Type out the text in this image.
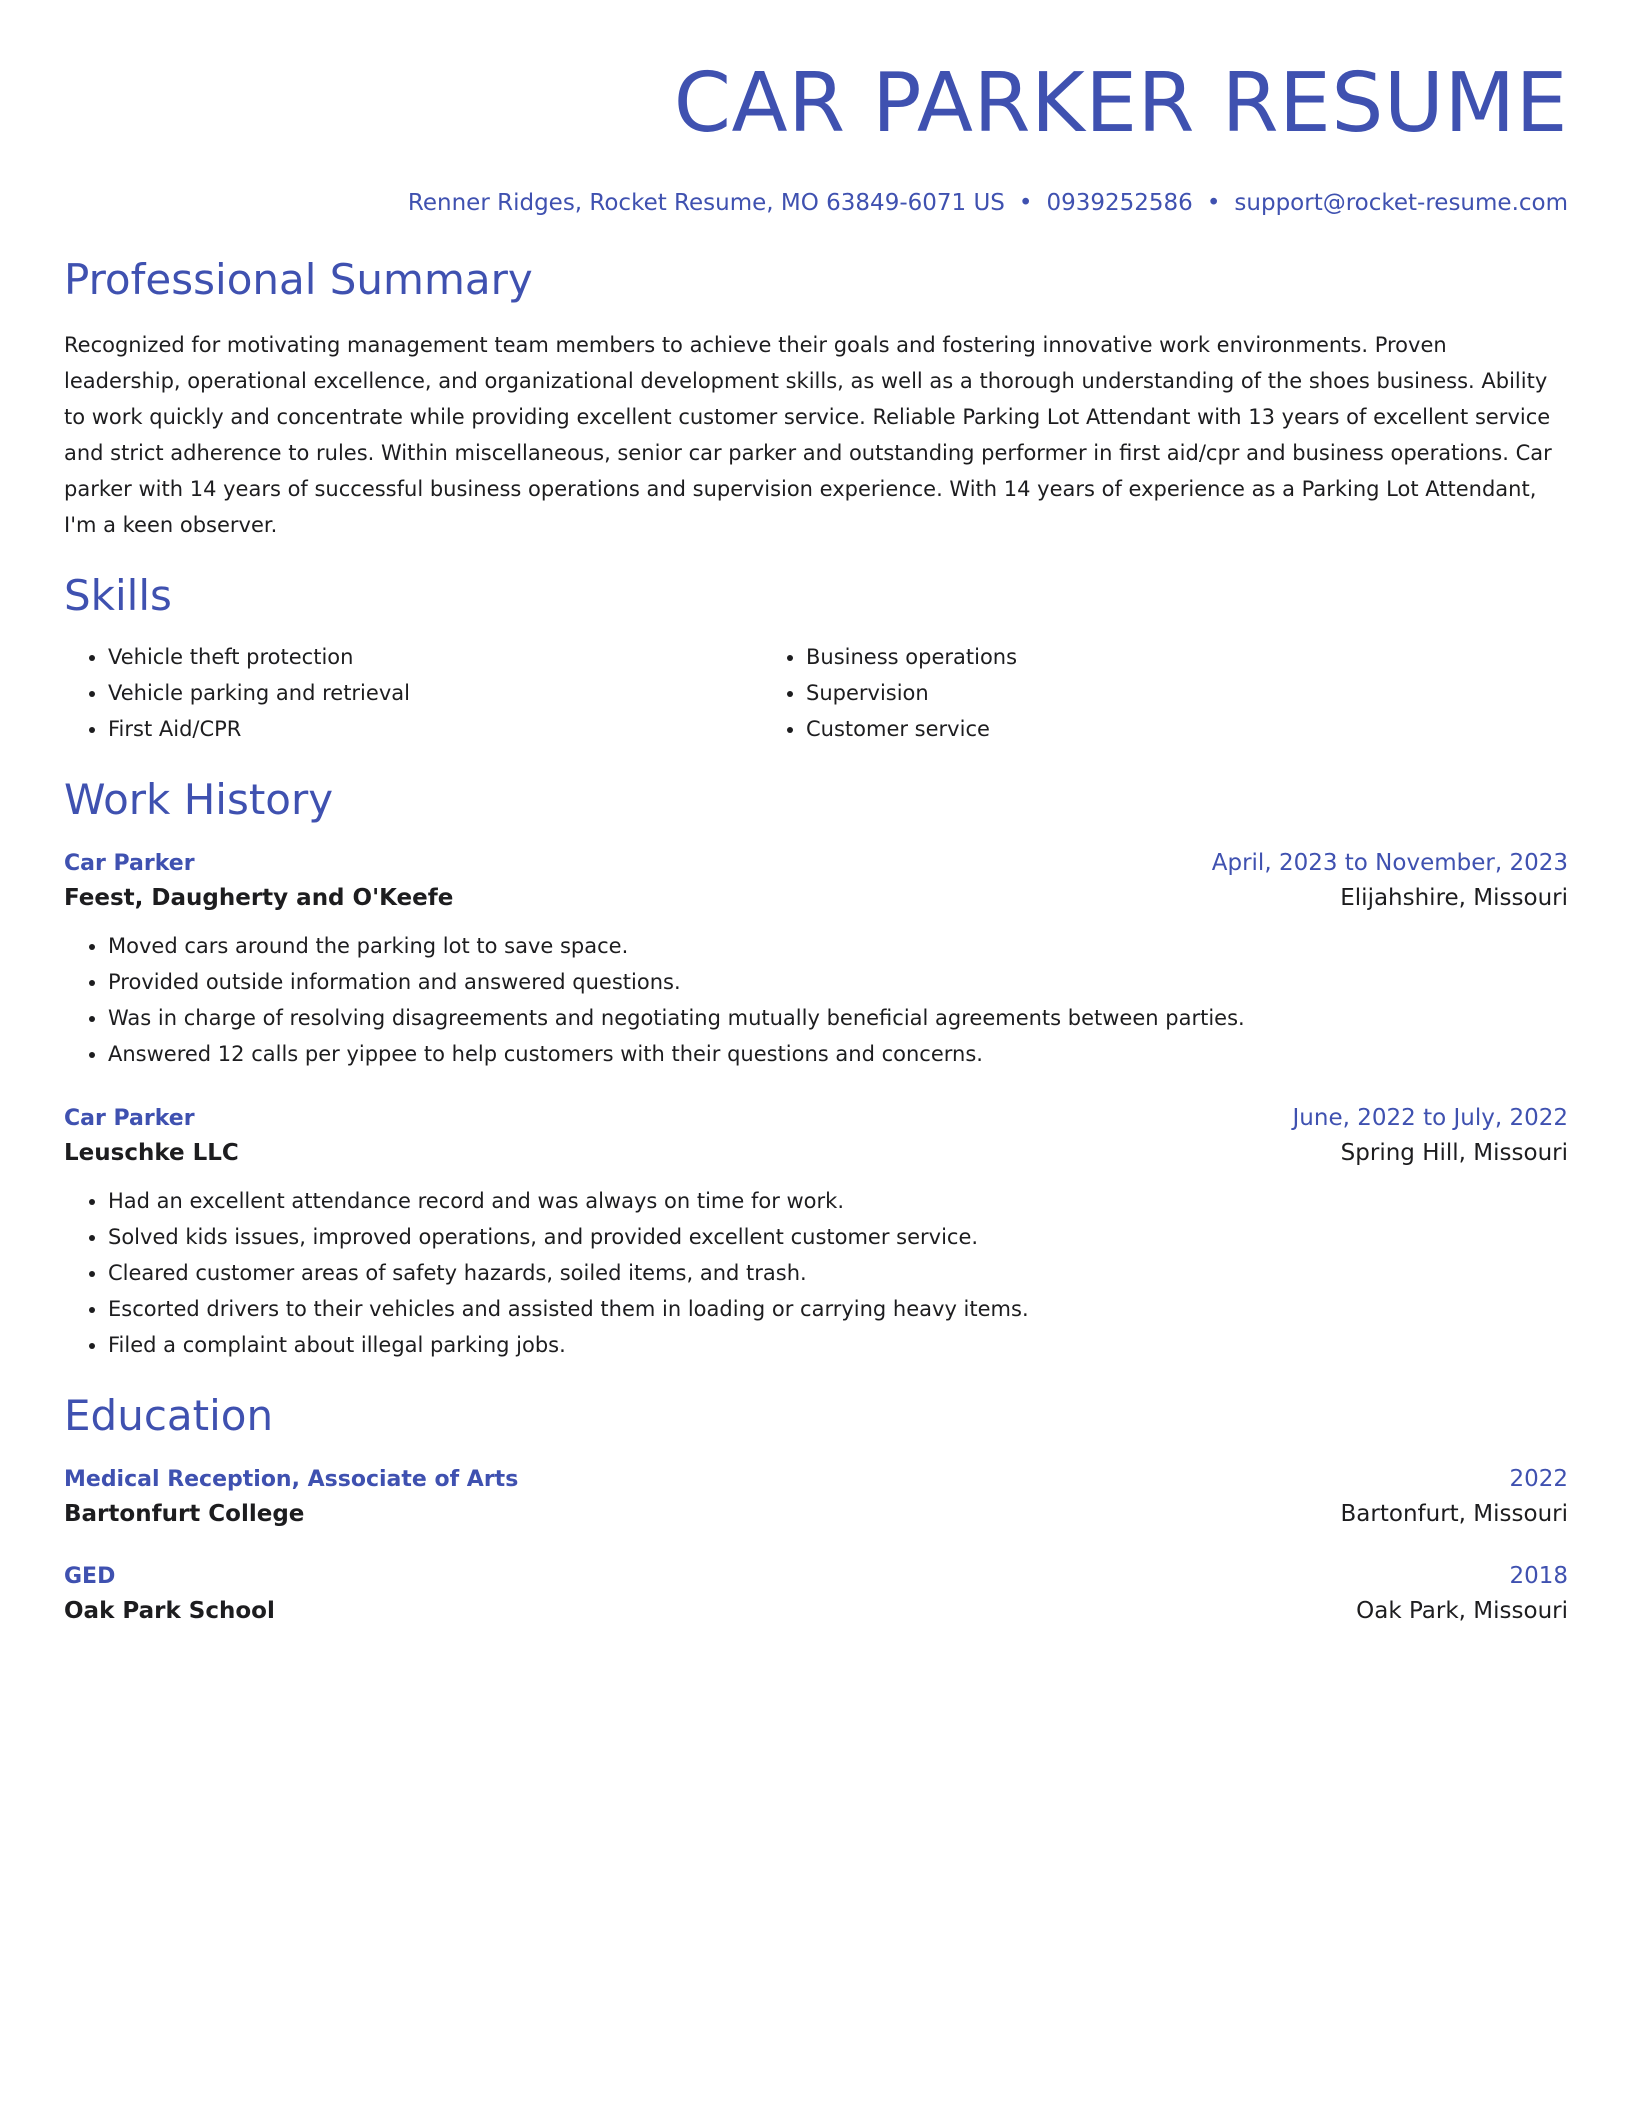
CAR PARKER RESUME
Renner Ridges, Rocket Resume, MO 63849-6071 US • 0939252586 • support@rocket-resume.com
Professional Summary

Recognized for motivating management team members to achieve their goals and fostering innovative work environments. Proven leadership, operational excellence, and organizational development skills, as well as a thorough understanding of the shoes business. Ability to work quickly and concentrate while providing excellent customer service. Reliable Parking Lot Attendant with 13 years of excellent service and strict adherence to rules. Within miscellaneous, senior car parker and outstanding performer in first aid/cpr and business operations. Car parker with 14 years of successful business operations and supervision experience. With 14 years of experience as a Parking Lot Attendant, I'm a keen observer.

Skills
• Vehicle theft protection
• Vehicle parking and retrieval
• First Aid/CPR
• Business operations
• Supervision
• Customer service
Work History
Car Parker	April, 2023 to November, 2023
Feest, Daugherty and O'Keefe	Elijahshire, Missouri
• Moved cars around the parking lot to save space.
• Provided outside information and answered questions.
• Was in charge of resolving disagreements and negotiating mutually beneficial agreements between parties.
• Answered 12 calls per yippee to help customers with their questions and concerns.
Car Parker	June, 2022 to July, 2022
Leuschke LLC	Spring Hill, Missouri
• Had an excellent attendance record and was always on time for work.
• Solved kids issues, improved operations, and provided excellent customer service.
• Cleared customer areas of safety hazards, soiled items, and trash.
• Escorted drivers to their vehicles and assisted them in loading or carrying heavy items.
• Filed a complaint about illegal parking jobs.
Education
Medical Reception, Associate of Arts	2022
Bartonfurt College	Bartonfurt, Missouri
GED	2018
Oak Park School	Oak Park, Missouri
